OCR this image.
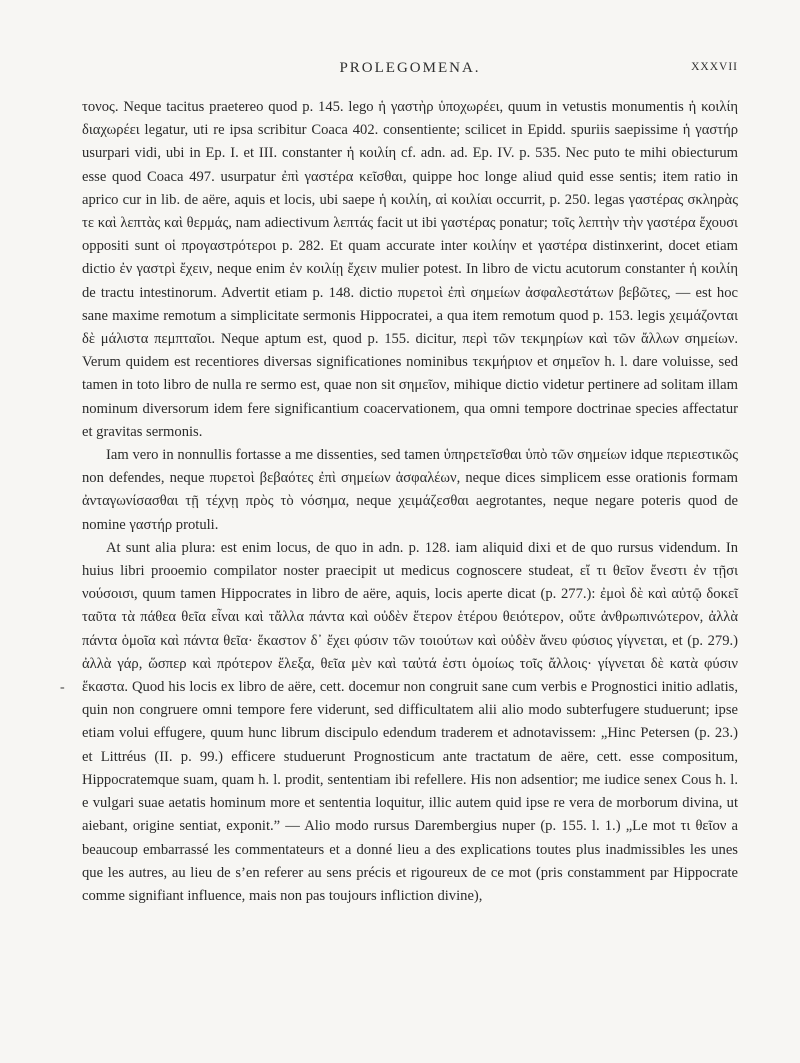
PROLEGOMENA.	XXXVII
-

τονος. Neque tacitus praetereo quod p. 145. lego ἡ γαστὴρ ὑποχωρέει, quum in vetustis monumentis ἡ κοιλίη διαχωρέει legatur, uti re ipsa scribitur Coaca 402. consentiente; scilicet in Epidd. spuriis saepissime ἡ γαστήρ usurpari vidi, ubi in Ep. I. et III. constanter ἡ κοιλίη cf. adn. ad. Ep. IV. p. 535. Nec puto te mihi obiecturum esse quod Coaca 497. usurpatur ἐπὶ γαστέρα κεῖσθαι, quippe hoc longe aliud quid esse sentis; item ratio in aprico cur in lib. de aëre, aquis et locis, ubi saepe ἡ κοιλίη, αἱ κοιλίαι occurrit, p. 250. legas γαστέρας σκληρὰς τε καὶ λεπτὰς καὶ θερμάς, nam adiectivum λεπτάς facit ut ibi γαστέρας ponatur; τοῖς λεπτὴν τὴν γαστέρα ἔχουσι oppositi sunt οἱ προγαστρότεροι p. 282. Et quam accurate inter κοιλίην et γαστέρα distinxerint, docet etiam dictio ἐν γαστρὶ ἔχειν, neque enim ἐν κοιλίῃ ἔχειν mulier potest. In libro de victu acutorum constanter ἡ κοιλίη de tractu intestinorum. Advertit etiam p. 148. dictio πυρετοὶ ἐπὶ σημείων ἀσφαλεστάτων βεβῶτες, — est hoc sane maxime remotum a simplicitate sermonis Hippocratei, a qua item remotum quod p. 153. legis χειμάζονται δὲ μάλιστα πεμπταῖοι. Neque aptum est, quod p. 155. dicitur, περὶ τῶν τεκμηρίων καὶ τῶν ἄλλων σημείων. Verum quidem est recentiores diversas significationes nominibus τεκμήριον et σημεῖον h. l. dare voluisse, sed tamen in toto libro de nulla re sermo est, quae non sit σημεῖον, mihique dictio videtur pertinere ad solitam illam nominum diversorum idem fere significantium coacervationem, qua omni tempore doctrinae species affectatur et gravitas sermonis.

Iam vero in nonnullis fortasse a me dissenties, sed tamen ὑπηρετεῖσθαι ὑπὸ τῶν σημείων idque περιεστικῶς non defendes, neque πυρετοὶ βεβαότες ἐπὶ σημείων ἀσφαλέων, neque dices simplicem esse orationis formam ἀνταγωνίσασθαι τῇ τέχνῃ πρὸς τὸ νόσημα, neque χειμάζεσθαι aegrotantes, neque negare poteris quod de nomine γαστήρ protuli.

At sunt alia plura: est enim locus, de quo in adn. p. 128. iam aliquid dixi et de quo rursus videndum. In huius libri prooemio compilator noster praecipit ut medicus cognoscere studeat, εἴ τι θεῖον ἔνεστι ἐν τῇσι νούσοισι, quum tamen Hippocrates in libro de aëre, aquis, locis aperte dicat (p. 277.): ἐμοὶ δὲ καὶ αὐτῷ δοκεῖ ταῦτα τὰ πάθεα θεῖα εἶναι καὶ τἄλλα πάντα καὶ οὐδὲν ἕτερον ἑτέρου θειότερον, οὔτε ἀνθρωπινώτερον, ἀλλὰ πάντα ὁμοῖα καὶ πάντα θεῖα· ἕκαστον δ᾽ ἔχει φύσιν τῶν τοιούτων καὶ οὐδὲν ἄνευ φύσιος γίγνεται, et (p. 279.) ἀλλὰ γάρ, ὥσπερ καὶ πρότερον ἔλεξα, θεῖα μὲν καὶ ταὐτά ἐστι ὁμοίως τοῖς ἄλλοις· γίγνεται δὲ κατὰ φύσιν ἕκαστα. Quod his locis ex libro de aëre, cett. docemur non congruit sane cum verbis e Prognostici initio adlatis, quin non congruere omni tempore fere viderunt, sed difficultatem alii alio modo subterfugere studuerunt; ipse etiam volui effugere, quum hunc librum discipulo edendum traderem et adnotavissem: „Hinc Petersen (p. 23.) et Littréus (II. p. 99.) efficere studuerunt Prognosticum ante tractatum de aëre, cett. esse compositum, Hippocratemque suam, quam h. l. prodit, sententiam ibi refellere. His non adsentior; me iudice senex Cous h. l. e vulgari suae aetatis hominum more et sententia loquitur, illic autem quid ipse re vera de morborum divina, ut aiebant, origine sentiat, exponit.” — Alio modo rursus Darembergius nuper (p. 155. l. 1.) „Le mot τι θεῖον a beaucoup embarrassé les commentateurs et a donné lieu a des explications toutes plus inadmissibles les unes que les autres, au lieu de s’en referer au sens précis et rigoureux de ce mot (pris constamment par Hippocrate comme signifiant influence, mais non pas toujours infliction divine),
